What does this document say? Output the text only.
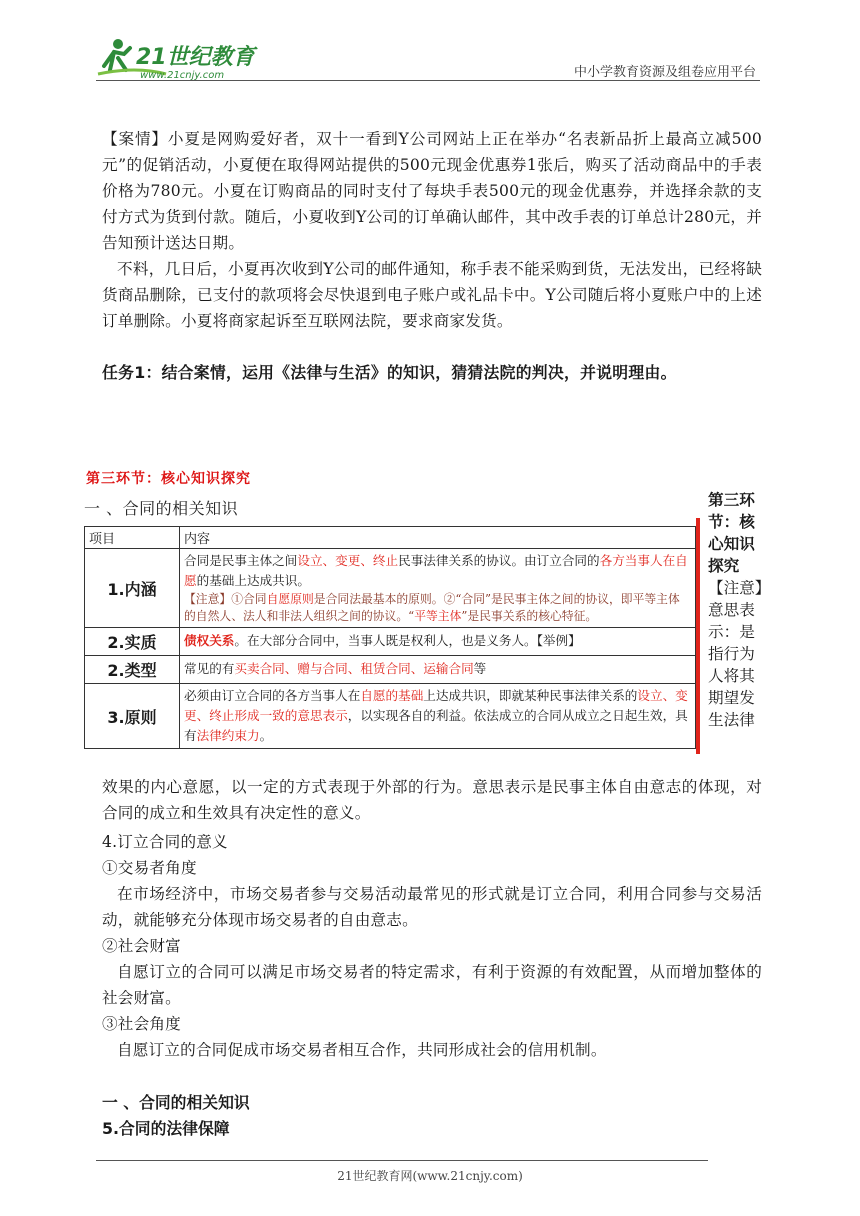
21世纪教育
www.21cnjy.com	中小学教育资源及组卷应用平台

【案情】小夏是网购爱好者，双十一看到Y公司网站上正在举办“名表新品折上最高立减500元”的促销活动，小夏便在取得网站提供的500元现金优惠券1张后，购买了活动商品中的手表价格为780元。小夏在订购商品的同时支付了每块手表500元的现金优惠券，并选择余款的支付方式为货到付款。随后，小夏收到Y公司的订单确认邮件，其中改手表的订单总计280元，并告知预计送达日期。

不料，几日后，小夏再次收到Y公司的邮件通知，称手表不能采购到货，无法发出，已经将缺货商品删除，已支付的款项将会尽快退到电子账户或礼品卡中。Y公司随后将小夏账户中的上述订单删除。小夏将商家起诉至互联网法院，要求商家发货。

任务1：结合案情，运用《法律与生活》的知识，猜猜法院的判决，并说明理由。
第三环节：核心知识探究
一 、合同的相关知识
项目	内容
1.内涵	合同是民事主体之间设立、变更、终止民事法律关系的协议。由订立合同的各方当事人在自愿的基础上达成共识。
【注意】①合同自愿原则是合同法最基本的原则。②“合同”是民事主体之间的协议，即平等主体的自然人、法人和非法人组织之间的协议。“平等主体”是民事关系的核心特征。

2.实质	债权关系。在大部分合同中，当事人既是权利人，也是义务人。【举例】
2.类型	常见的有买卖合同、赠与合同、租赁合同、运输合同等
3.原则	必须由订立合同的各方当事人在自愿的基础上达成共识，即就某种民事法律关系的设立、变更、终止形成一致的意思表示，以实现各自的利益。依法成立的合同从成立之日起生效，具有法律约束力。
第三环节：核心知识探究【注意】意思表示：是指行为人将其期望发生法律

效果的内心意愿，以一定的方式表现于外部的行为。意思表示是民事主体自由意志的体现，对合同的成立和生效具有决定性的意义。

4.订立合同的意义
①交易者角度

在市场经济中，市场交易者参与交易活动最常见的形式就是订立合同，利用合同参与交易活动，就能够充分体现市场交易者的自由意志。

②社会财富

自愿订立的合同可以满足市场交易者的特定需求，有利于资源的有效配置，从而增加整体的社会财富。

③社会角度

自愿订立的合同促成市场交易者相互合作，共同形成社会的信用机制。

一 、合同的相关知识
5.合同的法律保障
21世纪教育网(www.21cnjy.com)
